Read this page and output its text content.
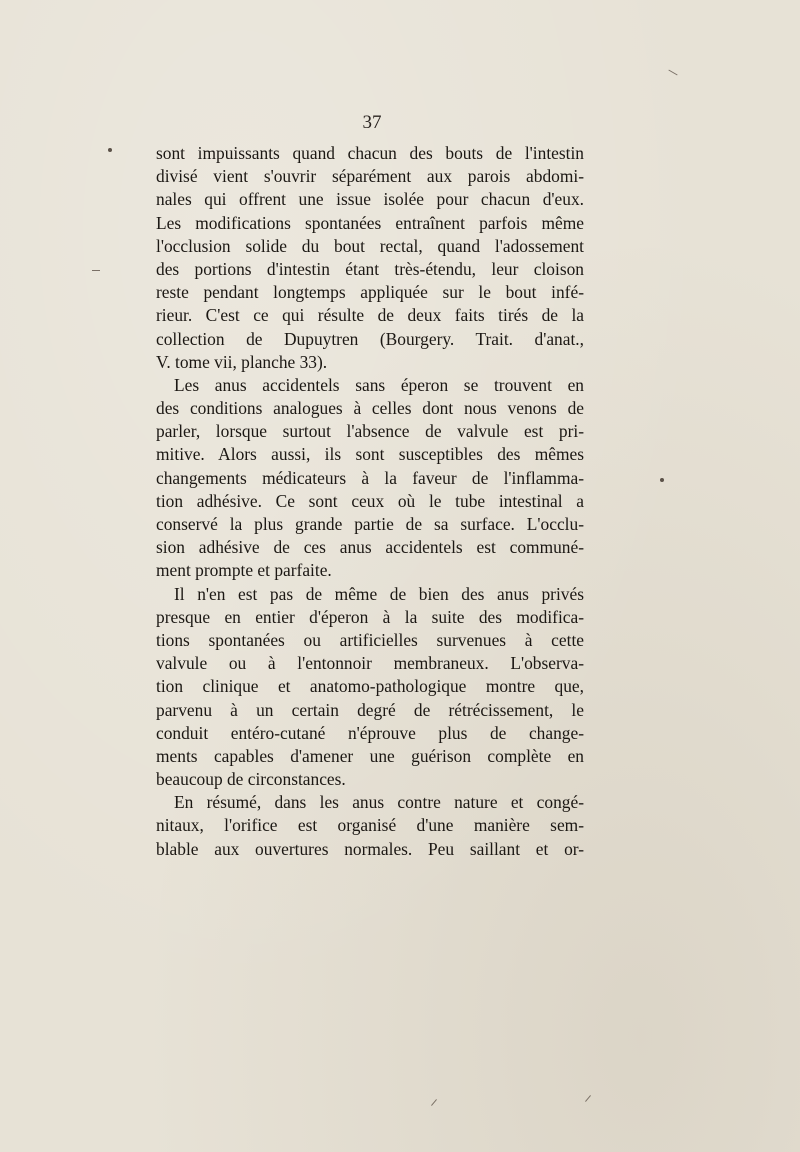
37
sont impuissants quand chacun des bouts de l'intestin
divisé vient s'ouvrir séparément aux parois abdomi-
nales qui offrent une issue isolée pour chacun d'eux.
Les modifications spontanées entraînent parfois même
l'occlusion solide du bout rectal, quand l'adossement
des portions d'intestin étant très-étendu, leur cloison
reste pendant longtemps appliquée sur le bout infé-
rieur. C'est ce qui résulte de deux faits tirés de la
collection de Dupuytren (Bourgery. Trait. d'anat.,
V. tome vii, planche 33).
Les anus accidentels sans éperon se trouvent en
des conditions analogues à celles dont nous venons de
parler, lorsque surtout l'absence de valvule est pri-
mitive. Alors aussi, ils sont susceptibles des mêmes
changements médicateurs à la faveur de l'inflamma-
tion adhésive. Ce sont ceux où le tube intestinal a
conservé la plus grande partie de sa surface. L'occlu-
sion adhésive de ces anus accidentels est communé-
ment prompte et parfaite.
Il n'en est pas de même de bien des anus privés
presque en entier d'éperon à la suite des modifica-
tions spontanées ou artificielles survenues à cette
valvule ou à l'entonnoir membraneux. L'observa-
tion clinique et anatomo-pathologique montre que,
parvenu à un certain degré de rétrécissement, le
conduit entéro-cutané n'éprouve plus de change-
ments capables d'amener une guérison complète en
beaucoup de circonstances.
En résumé, dans les anus contre nature et congé-
nitaux, l'orifice est organisé d'une manière sem-
blable aux ouvertures normales. Peu saillant et or-
